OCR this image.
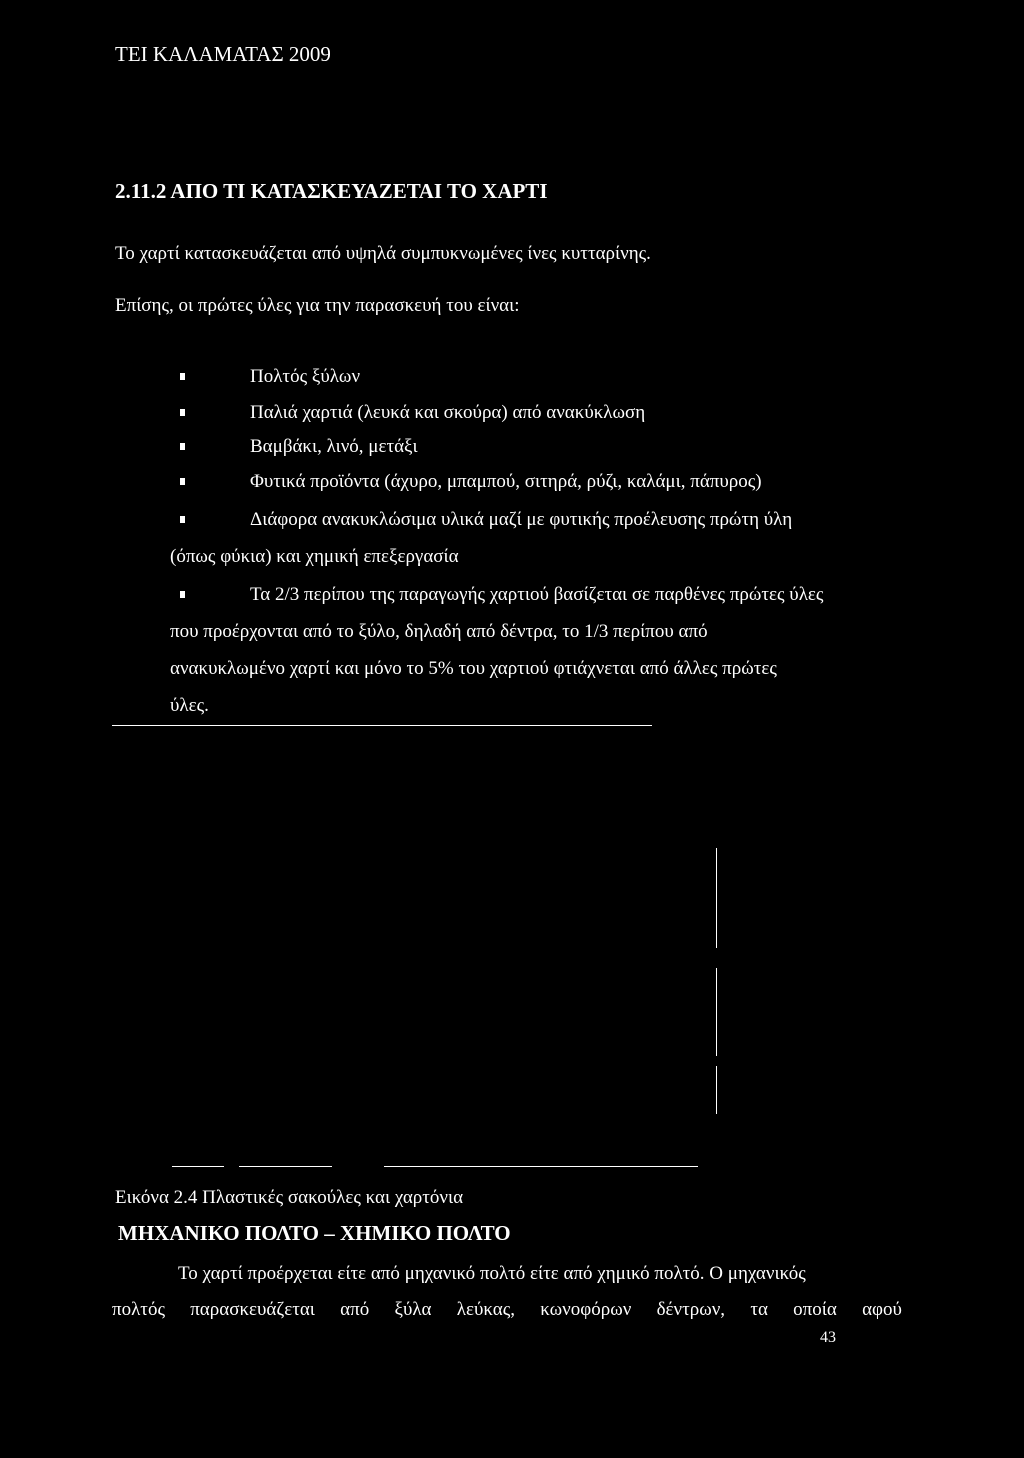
ΤΕΙ ΚΑΛΑΜΑΤΑΣ 2009
2.11.2 ΑΠΟ ΤΙ ΚΑΤΑΣΚΕΥΑΖΕΤΑΙ ΤΟ ΧΑΡΤΙ
Το χαρτί κατασκευάζεται από υψηλά συμπυκνωμένες ίνες κυτταρίνης.
Επίσης, οι πρώτες ύλες για την παρασκευή του είναι:
Πολτός ξύλων
Παλιά χαρτιά (λευκά και σκούρα) από ανακύκλωση
Βαμβάκι, λινό, μετάξι
Φυτικά προϊόντα (άχυρο, μπαμπού, σιτηρά, ρύζι, καλάμι, πάπυρος)
Διάφορα ανακυκλώσιμα υλικά μαζί με φυτικής προέλευσης πρώτη ύλη
(όπως φύκια) και χημική επεξεργασία
Τα 2/3 περίπου της παραγωγής χαρτιού βασίζεται σε παρθένες πρώτες ύλες
που προέρχονται από το ξύλο, δηλαδή από δέντρα, το 1/3 περίπου από
ανακυκλωμένο χαρτί και μόνο το 5% του χαρτιού φτιάχνεται από άλλες πρώτες
ύλες.
Εικόνα 2.4 Πλαστικές σακούλες και χαρτόνια
ΜΗΧΑΝΙΚΟ ΠΟΛΤΟ – ΧΗΜΙΚΟ ΠΟΛΤΟ
Το χαρτί προέρχεται είτε από μηχανικό πολτό είτε από χημικό πολτό. Ο μηχανικός
πολτός παρασκευάζεται από ξύλα λεύκας, κωνοφόρων δέντρων, τα οποία αφού
43
